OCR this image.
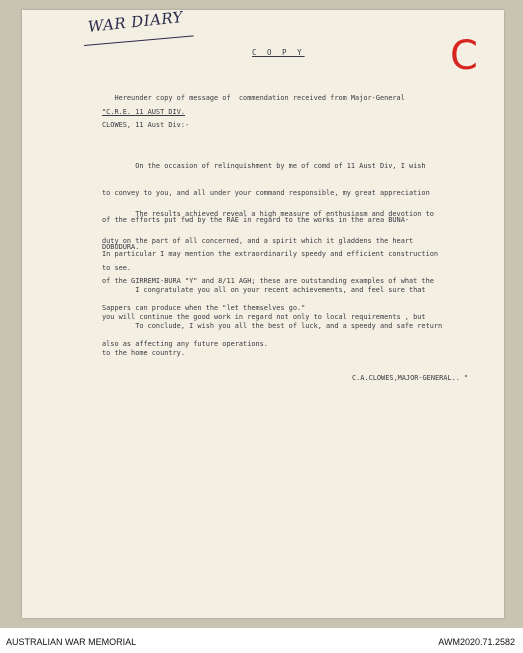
WAR DIARY
C
C O P Y

Hereunder copy of message of  commendation received from Major-General

CLOWES, 11 Aust Div:-

"C.R.E. 11 AUST DIV.

On the occasion of relinquishment by me of comd of 11 Aust Div, I wish

to convey to you, and all under your command responsible, my great appreciation

of the efforts put fwd by the RAE in regard to the works in the area BUNA-

DOBODURA.

The results achieved reveal a high measure of enthusiasm and devotion to

duty on the part of all concerned, and a spirit which it gladdens the heart

to see.

In particular I may mention the extraordinarily speedy and efficient construction

of the GIRREMI-BURA "Y" and 8/11 AGH; these are outstanding examples of what the

Sappers can produce when the "let themselves go."

I congratulate you all on your recent achievements, and feel sure that

you will continue the good work in regard not only to local requirements , but

also as affecting any future operations.

To conclude, I wish you all the best of luck, and a speedy and safe return

to the home country.

C.A.CLOWES,MAJOR-GENERAL.. "
AUSTRALIAN WAR MEMORIAL	AWM2020.71.2582
